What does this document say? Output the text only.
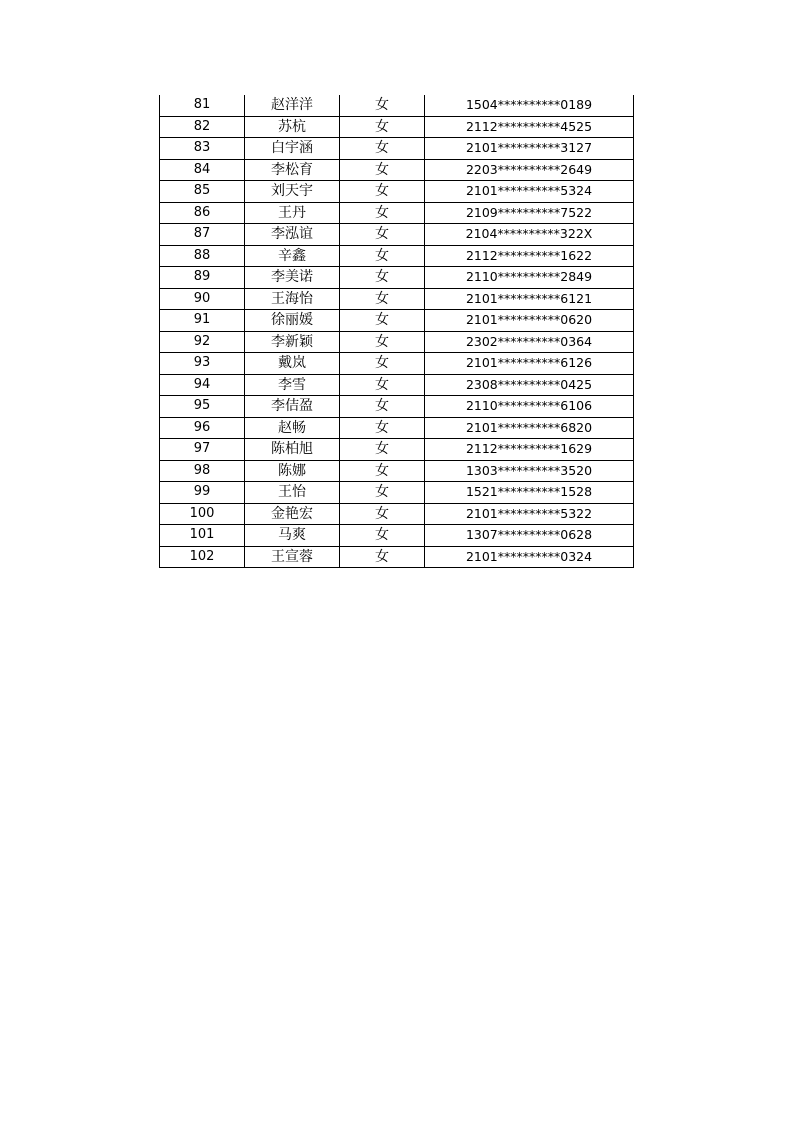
81	赵洋洋	女	1504**********0189
82	苏杭	女	2112**********4525
83	白宇涵	女	2101**********3127
84	李松育	女	2203**********2649
85	刘天宇	女	2101**********5324
86	王丹	女	2109**********7522
87	李泓谊	女	2104**********322X
88	辛鑫	女	2112**********1622
89	李美诺	女	2110**********2849
90	王海怡	女	2101**********6121
91	徐丽媛	女	2101**********0620
92	李新颖	女	2302**********0364
93	戴岚	女	2101**********6126
94	李雪	女	2308**********0425
95	李佶盈	女	2110**********6106
96	赵畅	女	2101**********6820
97	陈柏旭	女	2112**********1629
98	陈娜	女	1303**********3520
99	王怡	女	1521**********1528
100	金艳宏	女	2101**********5322
101	马爽	女	1307**********0628
102	王宣蓉	女	2101**********0324
